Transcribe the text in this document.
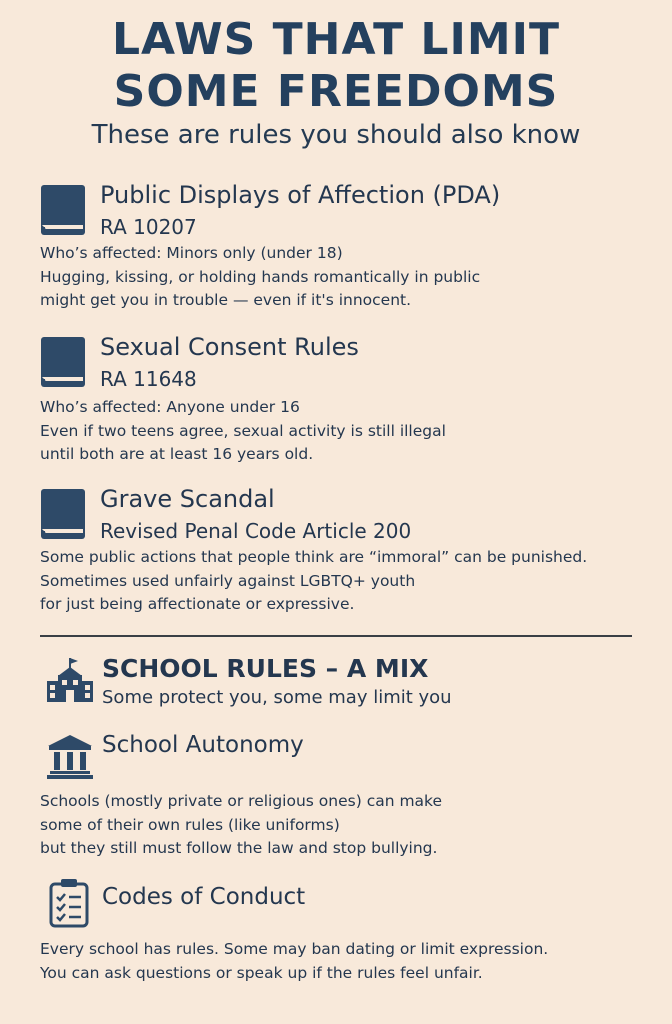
LAWS THAT LIMIT
SOME FREEDOMS

These are rules you should also know

Public Displays of Affection (PDA)
RA 10207
Who’s affected: Minors only (under 18)
Hugging, kissing, or holding hands romantically in public
might get you in trouble — even if it's innocent.
Sexual Consent Rules
RA 11648
Who’s affected: Anyone under 16
Even if two teens agree, sexual activity is still illegal
until both are at least 16 years old.
Grave Scandal
Revised Penal Code Article 200
Some public actions that people think are “immoral” can be punished.
Sometimes used unfairly against LGBTQ+ youth
for just being affectionate or expressive.
SCHOOL RULES – A MIX
Some protect you, some may limit you
School Autonomy
Schools (mostly private or religious ones) can make
some of their own rules (like uniforms)
but they still must follow the law and stop bullying.
Codes of Conduct
Every school has rules. Some may ban dating or limit expression.
You can ask questions or speak up if the rules feel unfair.
